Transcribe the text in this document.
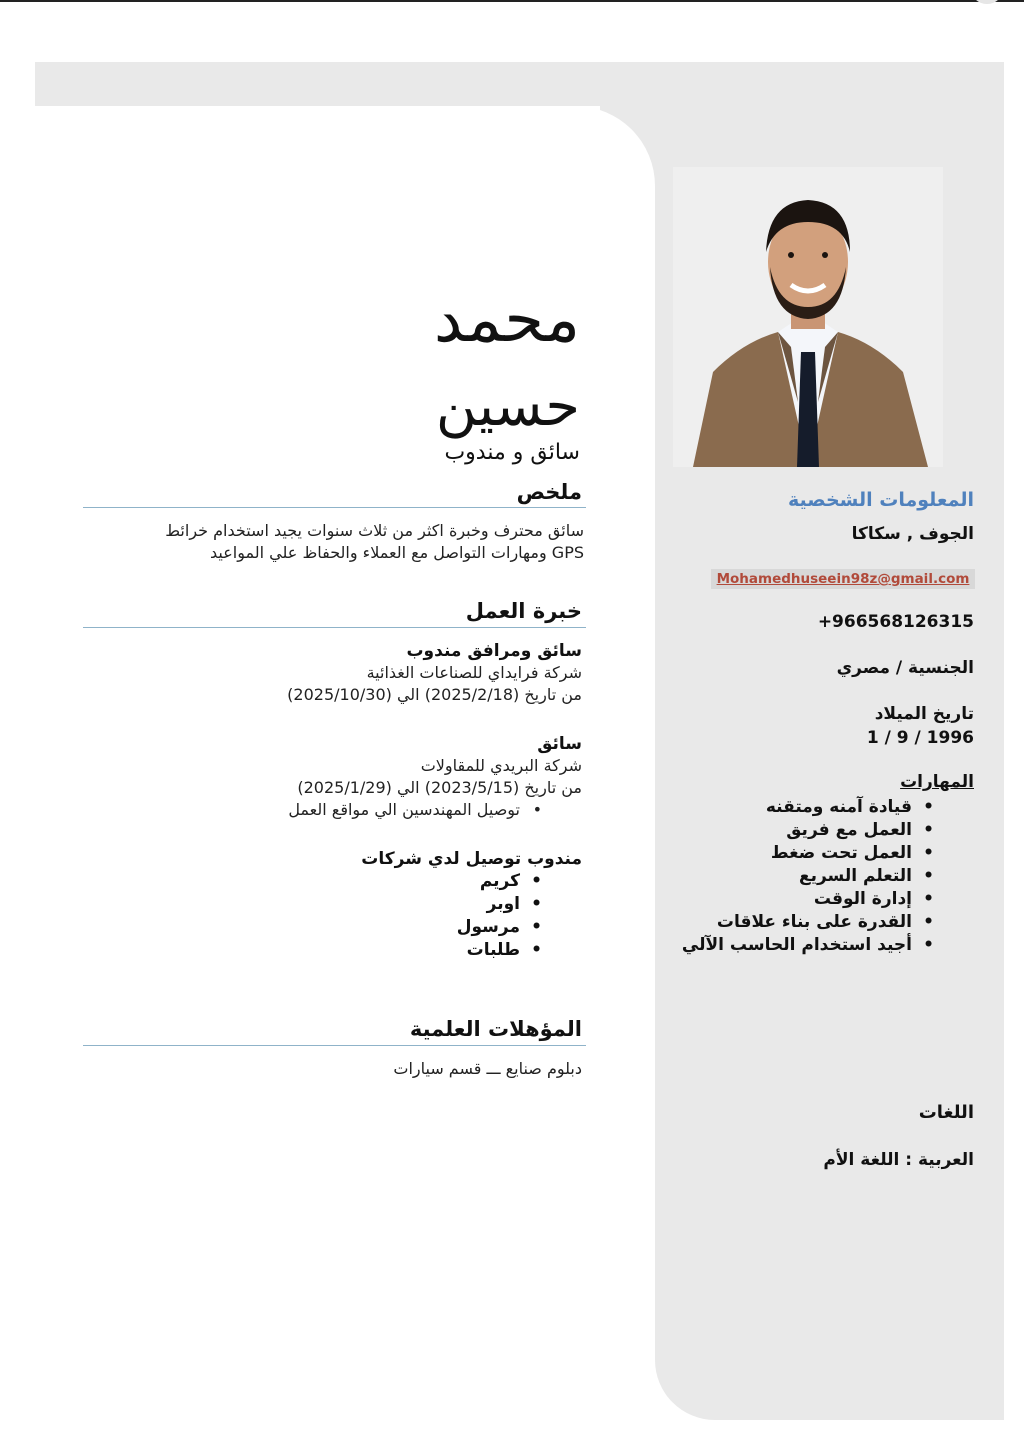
محمد
حسين
سائق و مندوب
ملخص
سائق محترف وخبرة اكثر من ثلاث سنوات يجيد استخدام خرائط
GPS ومهارات التواصل مع العملاء والحفاظ علي المواعيد
خبرة العمل
سائق ومرافق مندوب
شركة فرايداي للصناعات الغذائية
من تاريخ (2025/2/18) الي (2025/10/30)
سائق
شركة البريدي للمقاولات
من تاريخ (2023/5/15) الي (2025/1/29)
• توصيل المهندسين الي مواقع العمل
مندوب توصيل لدي شركات
• كريم
• اوبر
• مرسول
• طلبات
المؤهلات العلمية
دبلوم صنايع ـــ قسم سيارات
المعلومات الشخصية
الجوف , سكاكا
Mohamedhuseein98z@gmail.com
+966568126315
الجنسية / مصري
تاريخ الميلاد
1 / 9 / 1996
المهارات
• قيادة آمنه ومتقنه
• العمل مع فريق
• العمل تحت ضغط
• التعلم السريع
• إدارة الوقت
• القدرة على بناء علاقات
• أجيد استخدام الحاسب الآلي
اللغات
العربية : اللغة الأم
